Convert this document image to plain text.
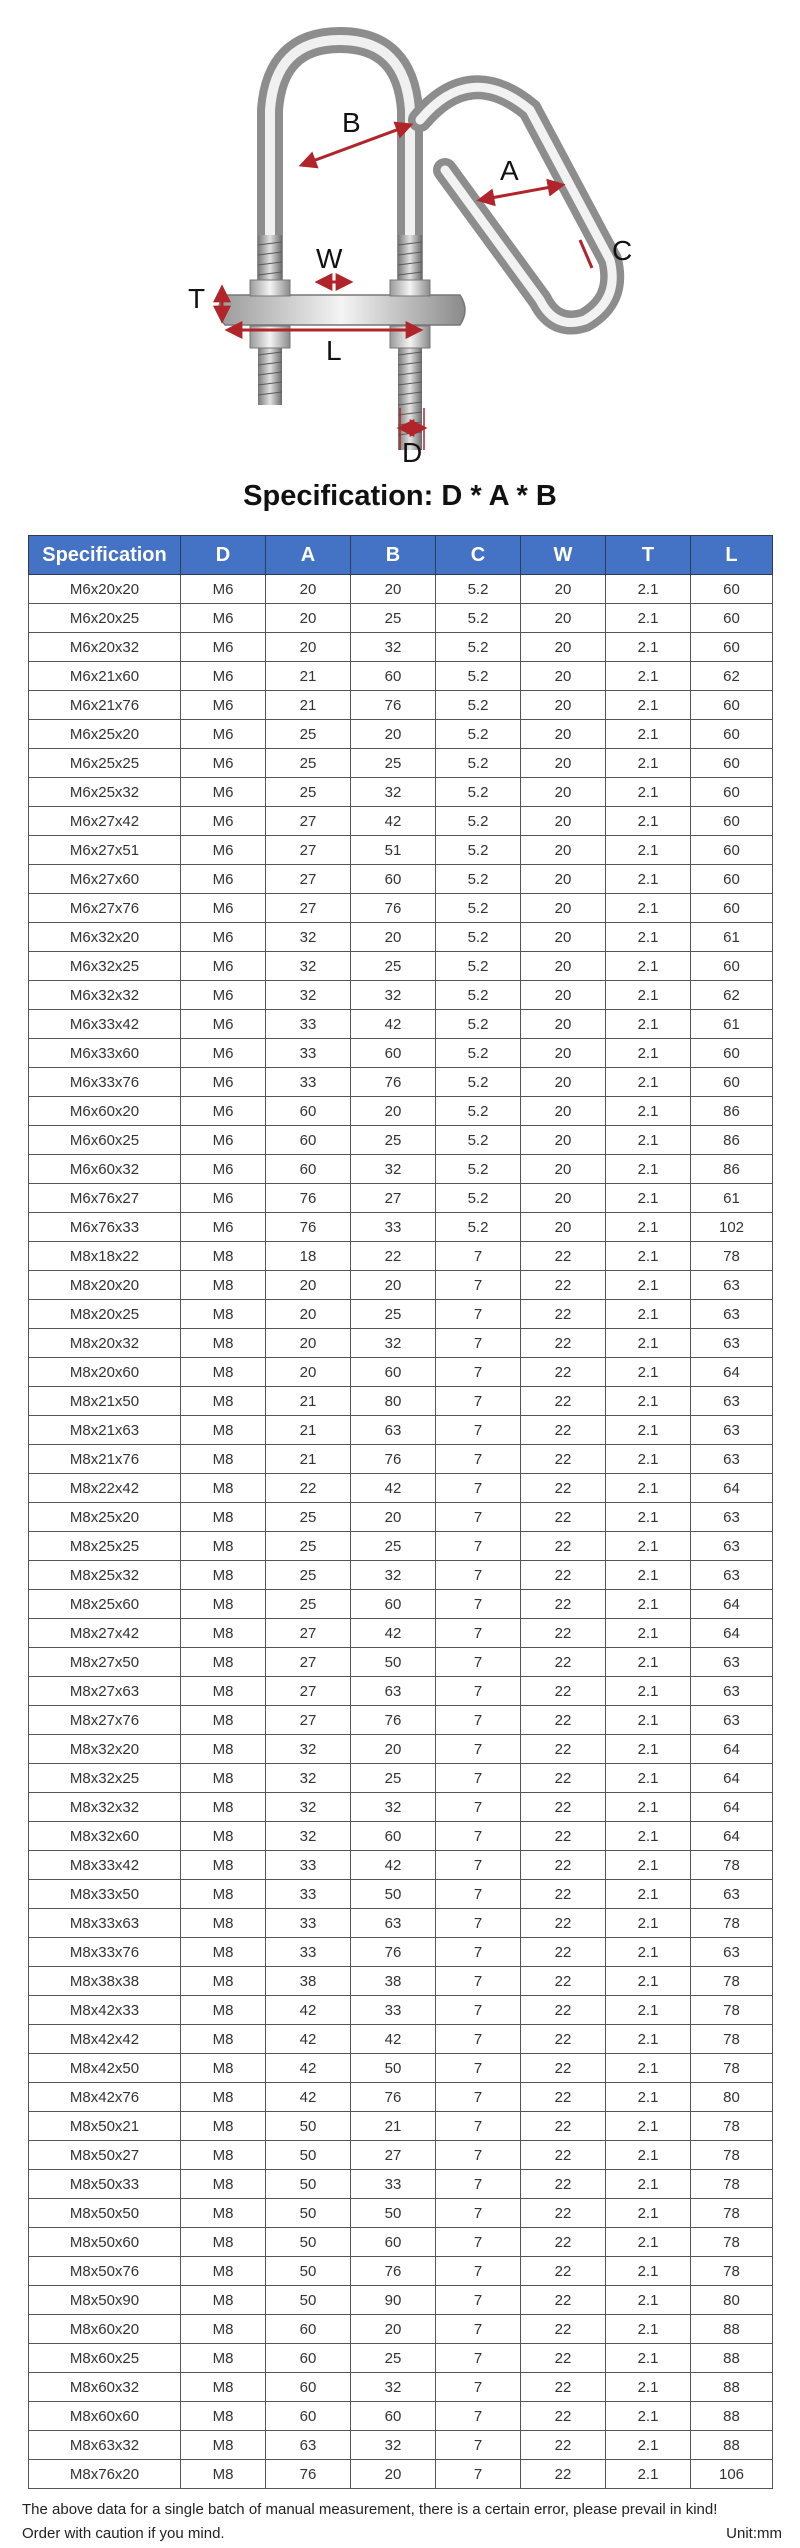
B
A
C
W
T
L
D
Specification: D * A * B
Specification	D	A	B	C	W	T	L
M6x20x20	M6	20	20	5.2	20	2.1	60
M6x20x25	M6	20	25	5.2	20	2.1	60
M6x20x32	M6	20	32	5.2	20	2.1	60
M6x21x60	M6	21	60	5.2	20	2.1	62
M6x21x76	M6	21	76	5.2	20	2.1	60
M6x25x20	M6	25	20	5.2	20	2.1	60
M6x25x25	M6	25	25	5.2	20	2.1	60
M6x25x32	M6	25	32	5.2	20	2.1	60
M6x27x42	M6	27	42	5.2	20	2.1	60
M6x27x51	M6	27	51	5.2	20	2.1	60
M6x27x60	M6	27	60	5.2	20	2.1	60
M6x27x76	M6	27	76	5.2	20	2.1	60
M6x32x20	M6	32	20	5.2	20	2.1	61
M6x32x25	M6	32	25	5.2	20	2.1	60
M6x32x32	M6	32	32	5.2	20	2.1	62
M6x33x42	M6	33	42	5.2	20	2.1	61
M6x33x60	M6	33	60	5.2	20	2.1	60
M6x33x76	M6	33	76	5.2	20	2.1	60
M6x60x20	M6	60	20	5.2	20	2.1	86
M6x60x25	M6	60	25	5.2	20	2.1	86
M6x60x32	M6	60	32	5.2	20	2.1	86
M6x76x27	M6	76	27	5.2	20	2.1	61
M6x76x33	M6	76	33	5.2	20	2.1	102
M8x18x22	M8	18	22	7	22	2.1	78
M8x20x20	M8	20	20	7	22	2.1	63
M8x20x25	M8	20	25	7	22	2.1	63
M8x20x32	M8	20	32	7	22	2.1	63
M8x20x60	M8	20	60	7	22	2.1	64
M8x21x50	M8	21	80	7	22	2.1	63
M8x21x63	M8	21	63	7	22	2.1	63
M8x21x76	M8	21	76	7	22	2.1	63
M8x22x42	M8	22	42	7	22	2.1	64
M8x25x20	M8	25	20	7	22	2.1	63
M8x25x25	M8	25	25	7	22	2.1	63
M8x25x32	M8	25	32	7	22	2.1	63
M8x25x60	M8	25	60	7	22	2.1	64
M8x27x42	M8	27	42	7	22	2.1	64
M8x27x50	M8	27	50	7	22	2.1	63
M8x27x63	M8	27	63	7	22	2.1	63
M8x27x76	M8	27	76	7	22	2.1	63
M8x32x20	M8	32	20	7	22	2.1	64
M8x32x25	M8	32	25	7	22	2.1	64
M8x32x32	M8	32	32	7	22	2.1	64
M8x32x60	M8	32	60	7	22	2.1	64
M8x33x42	M8	33	42	7	22	2.1	78
M8x33x50	M8	33	50	7	22	2.1	63
M8x33x63	M8	33	63	7	22	2.1	78
M8x33x76	M8	33	76	7	22	2.1	63
M8x38x38	M8	38	38	7	22	2.1	78
M8x42x33	M8	42	33	7	22	2.1	78
M8x42x42	M8	42	42	7	22	2.1	78
M8x42x50	M8	42	50	7	22	2.1	78
M8x42x76	M8	42	76	7	22	2.1	80
M8x50x21	M8	50	21	7	22	2.1	78
M8x50x27	M8	50	27	7	22	2.1	78
M8x50x33	M8	50	33	7	22	2.1	78
M8x50x50	M8	50	50	7	22	2.1	78
M8x50x60	M8	50	60	7	22	2.1	78
M8x50x76	M8	50	76	7	22	2.1	78
M8x50x90	M8	50	90	7	22	2.1	80
M8x60x20	M8	60	20	7	22	2.1	88
M8x60x25	M8	60	25	7	22	2.1	88
M8x60x32	M8	60	32	7	22	2.1	88
M8x60x60	M8	60	60	7	22	2.1	88
M8x63x32	M8	63	32	7	22	2.1	88
M8x76x20	M8	76	20	7	22	2.1	106
The above data for a single batch of manual measurement, there is a certain error, please prevail in kind!
Order with caution if you mind.	Unit:mm
